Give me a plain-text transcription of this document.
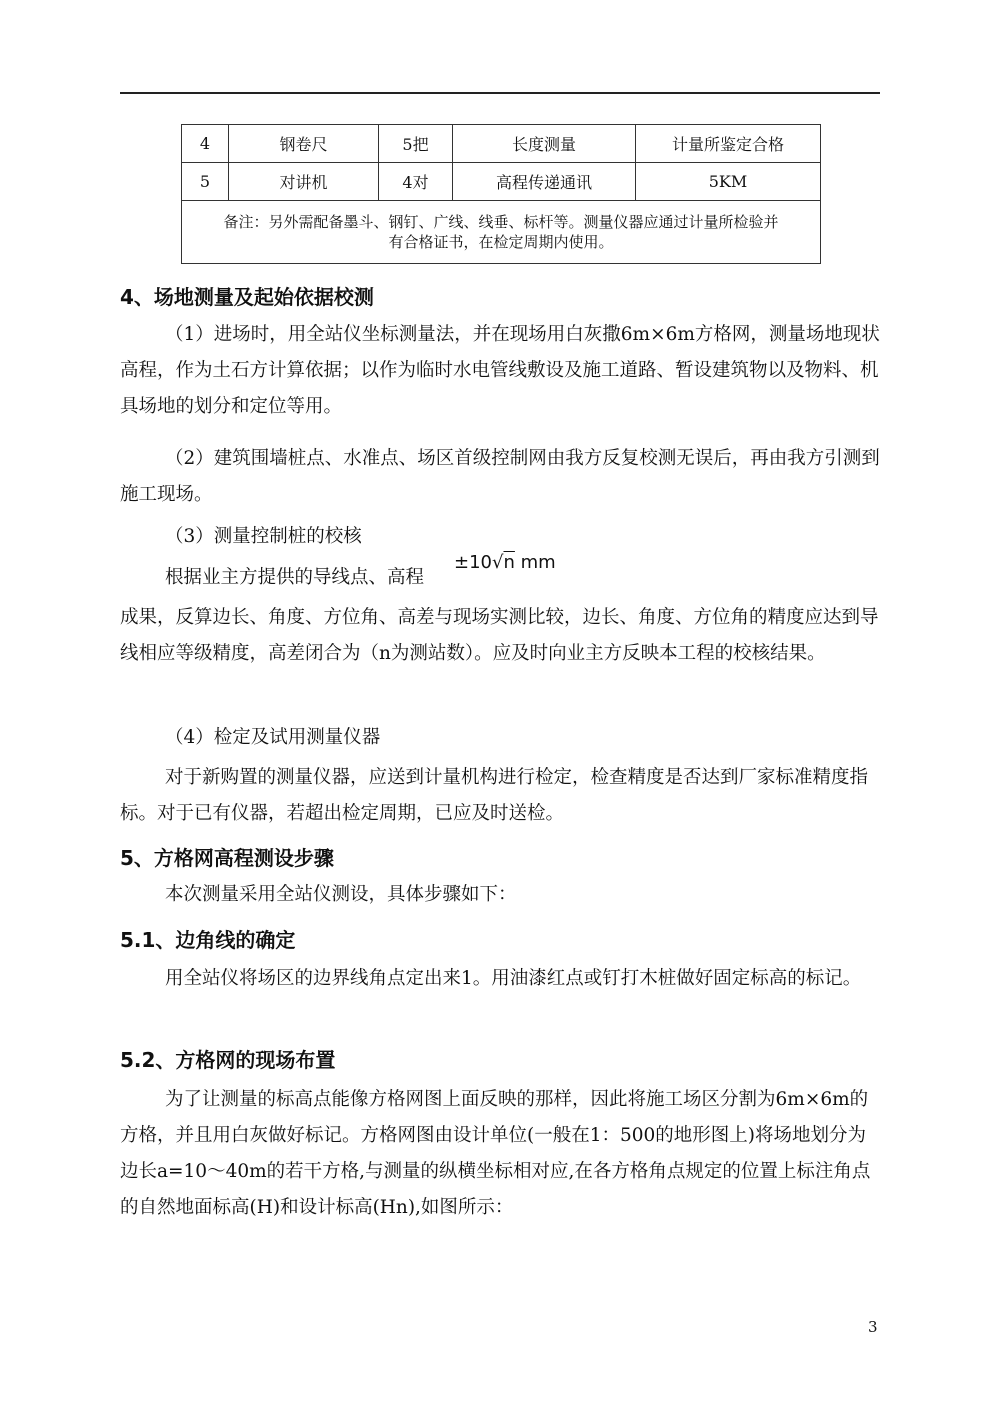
4	钢卷尺	5把	长度测量	计量所鉴定合格
5	对讲机	4对	高程传递通讯	5KM

备注：另外需配备墨斗、钢钉、广线、线垂、标杆等。测量仪器应通过计量所检验并
有合格证书，在检定周期内使用。				
4、场地测量及起始依据校测
（1）进场时，用全站仪坐标测量法，并在现场用白灰撒6m×6m方格网，测量场地现状高程，作为土石方计算依据；以作为临时水电管线敷设及施工道路、暂设建筑物以及物料、机具场地的划分和定位等用。
（2）建筑围墙桩点、水准点、场区首级控制网由我方反复校测无误后，再由我方引测到施工现场。
（3）测量控制桩的校核
根据业主方提供的导线点、高程
±10√n mm
成果，反算边长、角度、方位角、高差与现场实测比较，边长、角度、方位角的精度应达到导线相应等级精度，高差闭合为（n为测站数）。应及时向业主方反映本工程的校核结果。
（4）检定及试用测量仪器
对于新购置的测量仪器，应送到计量机构进行检定，检查精度是否达到厂家标准精度指标。对于已有仪器，若超出检定周期，已应及时送检。
5、方格网高程测设步骤
本次测量采用全站仪测设，具体步骤如下：
5.1、边角线的确定
用全站仪将场区的边界线角点定出来1。用油漆红点或钉打木桩做好固定标高的标记。
5.2、方格网的现场布置
为了让测量的标高点能像方格网图上面反映的那样，因此将施工场区分割为6m×6m的方格，并且用白灰做好标记。方格网图由设计单位(一般在1：500的地形图上)将场地划分为边长a=10～40m的若干方格,与测量的纵横坐标相对应,在各方格角点规定的位置上标注角点的自然地面标高(H)和设计标高(Hn),如图所示：
3
